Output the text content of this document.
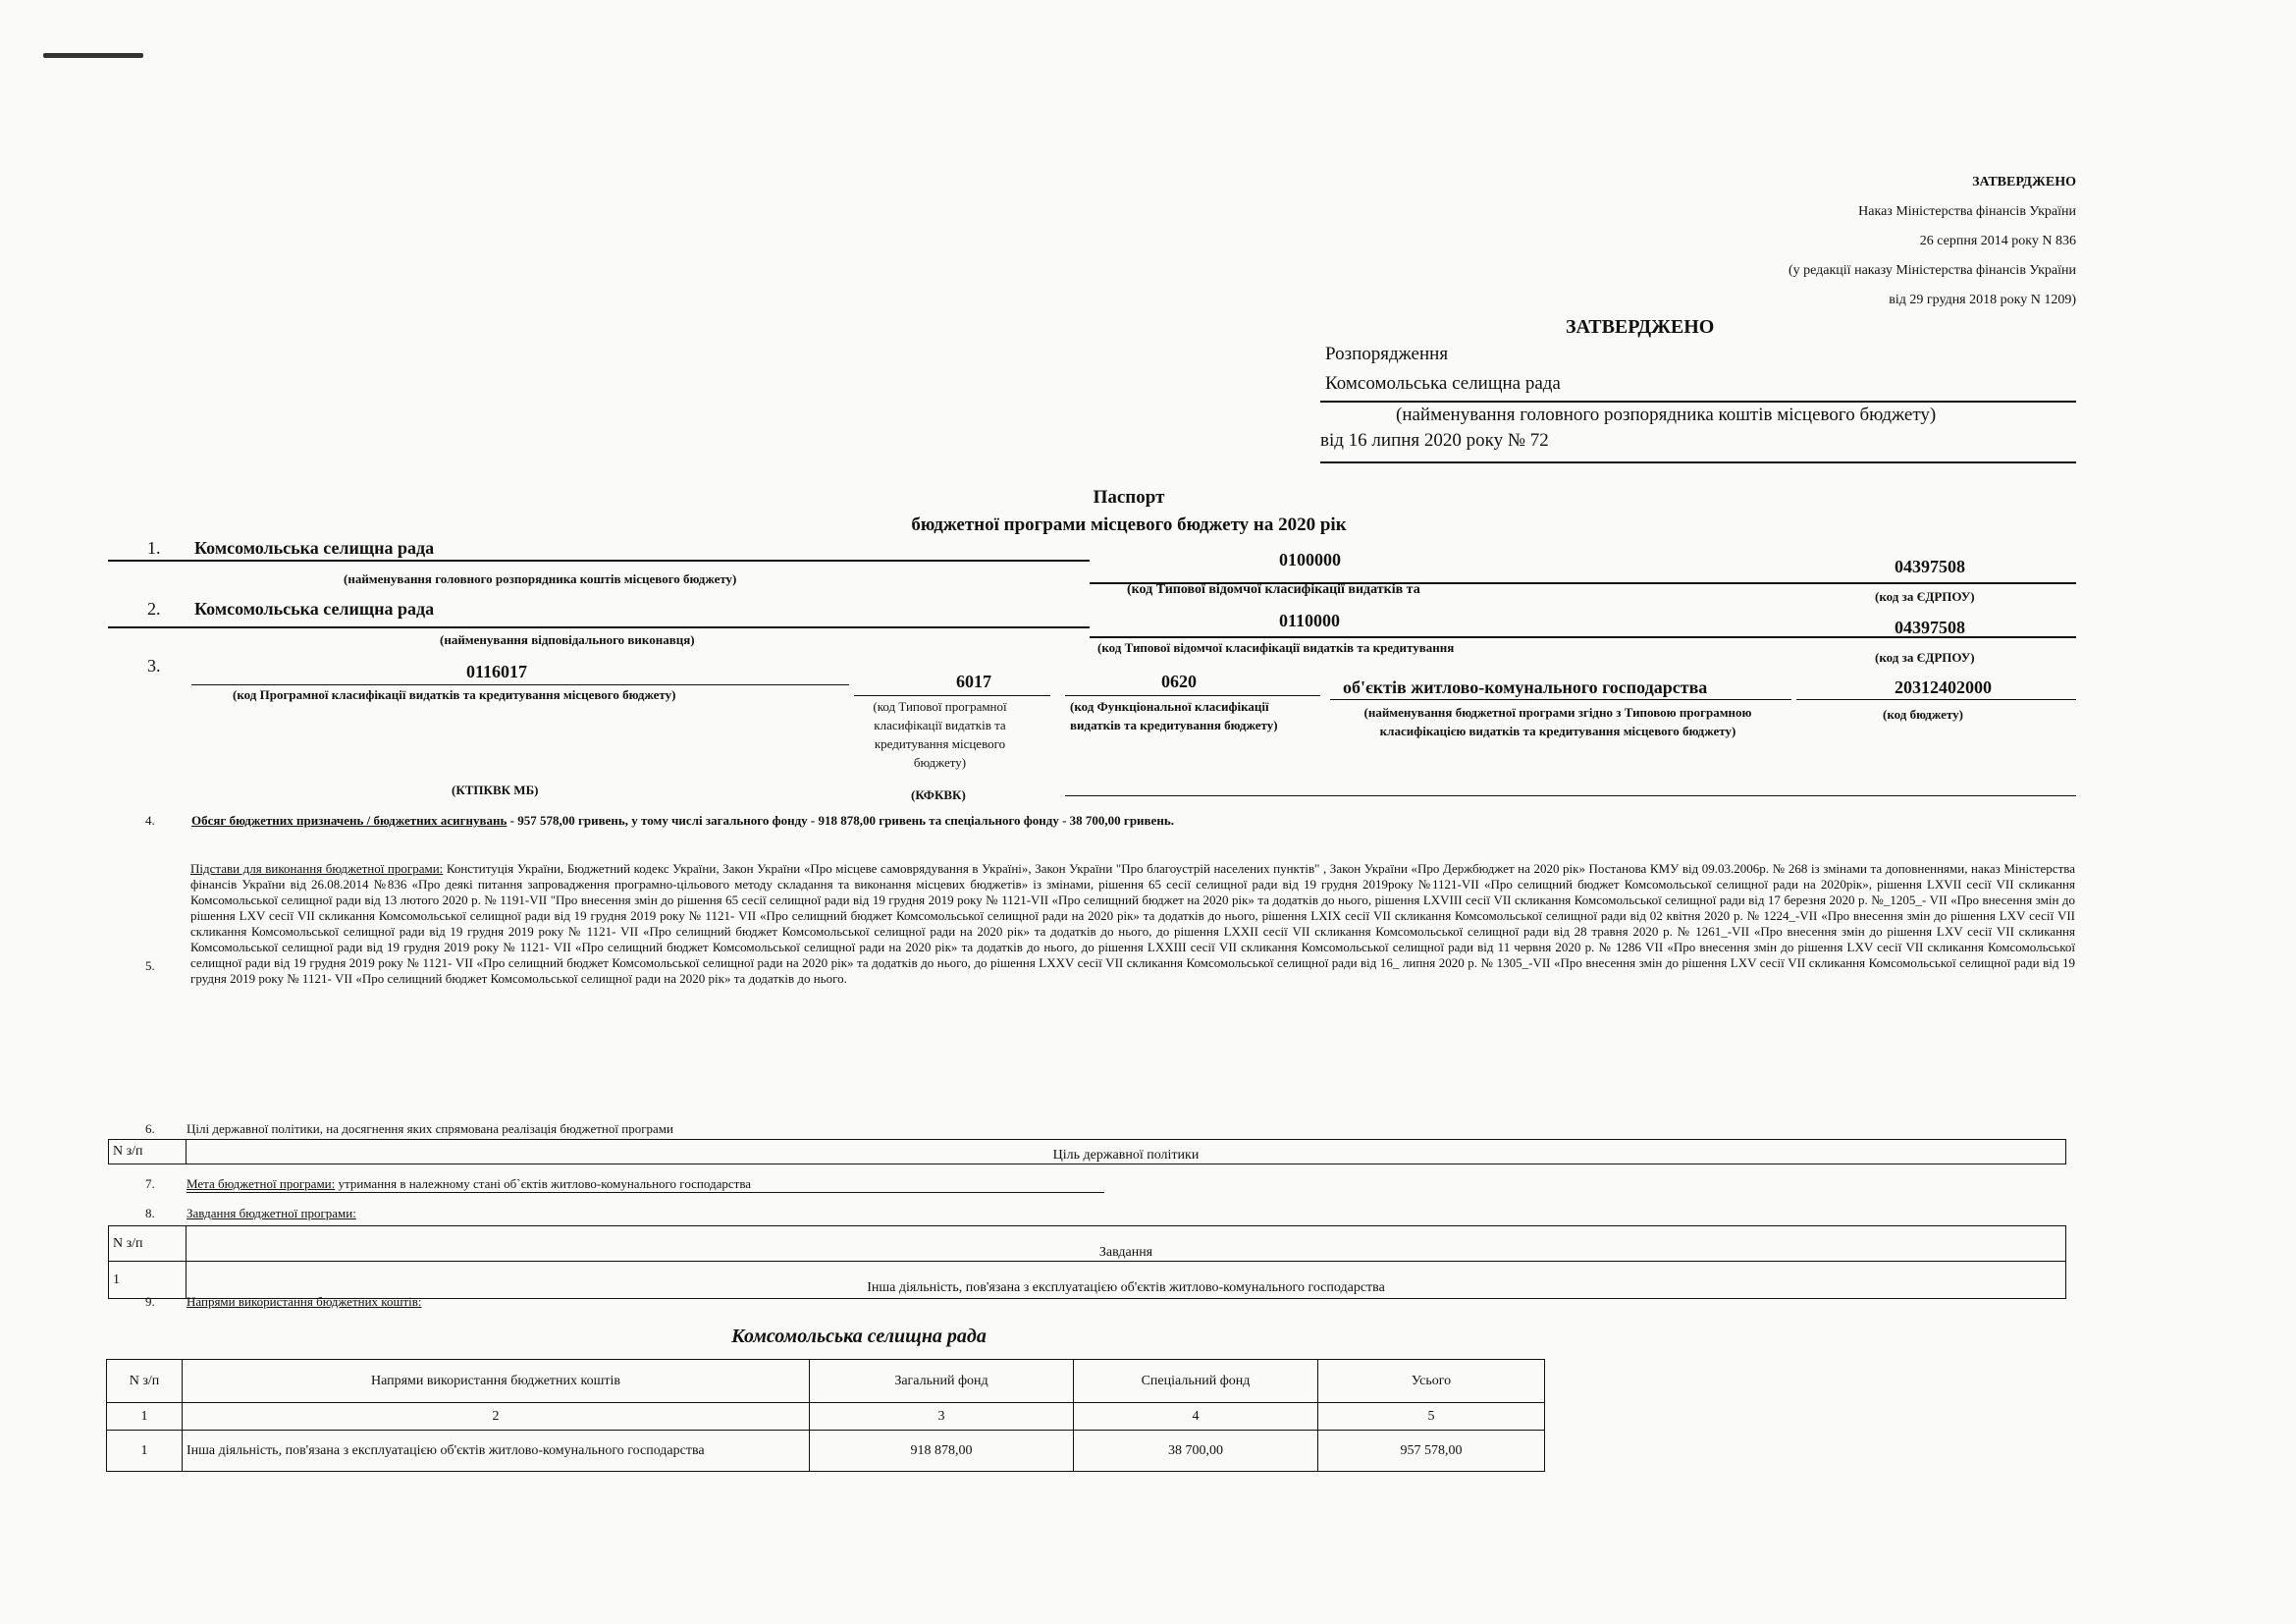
ЗАТВЕРДЖЕНО
Наказ Міністерства фінансів України
26 серпня 2014 року N 836
(у редакції наказу Міністерства фінансів України
від 29 грудня 2018 року N 1209)
ЗАТВЕРДЖЕНО
Розпорядження
Комсомольська селищна рада
(найменування головного розпорядника коштів місцевого бюджету)
від 16 липня 2020 року № 72
Паспорт
бюджетної програми місцевого бюджету на 2020 рік
1. Комсомольська селищна рада
0100000	04397508
(найменування головного розпорядника коштів місцевого бюджету)
(код Типової відомчої класифікації видатків та	(код за ЄДРПОУ)
2. Комсомольська селищна рада
0110000	04397508
(найменування відповідального виконавця)
(код Типової відомчої класифікації видатків та кредитування
(код за ЄДРПОУ)
3.	0116017	6017	0620	об'єктів житлово-комунального господарства	20312402000
(код Програмної класифікації видатків та кредитування місцевого бюджету)
(код Типової програмної класифікації видатків та кредитування місцевого бюджету)
(код Функціональної класифікації видатків та кредитування бюджету)
(найменування бюджетної програми згідно з Типовою програмною класифікацією видатків та кредитування місцевого бюджету)
(код бюджету)
(КТПКВК МБ)	(КФКВК)
4.	Обсяг бюджетних призначень / бюджетних асигнувань - 957 578,00 гривень, у тому числі загального фонду - 918 878,00 гривень та спеціального фонду - 38 700,00 гривень.
5.
Підстави для виконання бюджетної програми: Конституція України, Бюджетний кодекс України, Закон України «Про місцеве самоврядування в Україні», Закон України "Про благоустрій населених пунктів" , Закон України «Про Держбюджет на 2020 рік» Постанова КМУ від 09.03.2006р. № 268 із змінами та доповненнями, наказ Міністерства фінансів України від 26.08.2014 №836 «Про деякі питання запровадження програмно-цільового методу складання та виконання місцевих бюджетів» із змінами, рішення 65 сесії селищної ради від 19 грудня 2019року №1121-VII «Про селищний бюджет Комсомольської селищної ради на 2020рік», рішення LXVII сесії VII скликання Комсомольської селищної ради від 13 лютого 2020 р. № 1191-VII "Про внесення змін до рішення 65 сесії селищної ради від 19 грудня 2019 року № 1121-VII «Про селищний бюджет на 2020 рік» та додатків до нього, рішення LXVIII сесії VII скликання Комсомольської селищної ради від 17 березня 2020 р. №_1205_- VII «Про внесення змін до рішення LXV сесії VII скликання Комсомольської селищної ради від 19 грудня 2019 року № 1121- VII «Про селищний бюджет Комсомольської селищної ради на 2020 рік» та додатків до нього, рішення LXIX сесії VII скликання Комсомольської селищної ради від 02 квітня 2020 р. № 1224_-VII «Про внесення змін до рішення LXV сесії VII скликання Комсомольської селищної ради від 19 грудня 2019 року № 1121- VII «Про селищний бюджет Комсомольської селищної ради на 2020 рік» та додатків до нього, до рішення LXXII сесії VII скликання Комсомольської селищної ради від 28 травня 2020 р. № 1261_-VII «Про внесення змін до рішення LXV сесії VII скликання Комсомольської селищної ради від 19 грудня 2019 року № 1121- VII «Про селищний бюджет Комсомольської селищної ради на 2020 рік» та додатків до нього, до рішення LXXIII сесії VII скликання Комсомольської селищної ради від 11 червня 2020 р. № 1286 VII «Про внесення змін до рішення LXV сесії VII скликання Комсомольської селищної ради від 19 грудня 2019 року № 1121- VII «Про селищний бюджет Комсомольської селищної ради на 2020 рік» та додатків до нього, до рішення LXXV сесії VII скликання Комсомольської селищної ради від 16_ липня 2020 р. № 1305_-VII «Про внесення змін до рішення LXV сесії VII скликання Комсомольської селищної ради від 19 грудня 2019 року № 1121- VII «Про селищний бюджет Комсомольської селищної ради на 2020 рік» та додатків до нього.
6. Цілі державної політики, на досягнення яких спрямована реалізація бюджетної програми
N з/п	Ціль державної політики
7. Мета бюджетної програми: утримання в належному стані об`єктів житлово-комунального господарства
8. Завдання бюджетної програми:
N з/п	Завдання
1	Інша діяльність, пов'язана з експлуатацією об'єктів житлово-комунального господарства
9. Напрями використання бюджетних коштів:
Комсомольська селищна рада
N з/п	Напрями використання бюджетних коштів	Загальний фонд	Спеціальний фонд	Усього
1	2	3	4	5
1	Інша діяльність, пов'язана з експлуатацією об'єктів житлово-комунального господарства	918 878,00	38 700,00	957 578,00
